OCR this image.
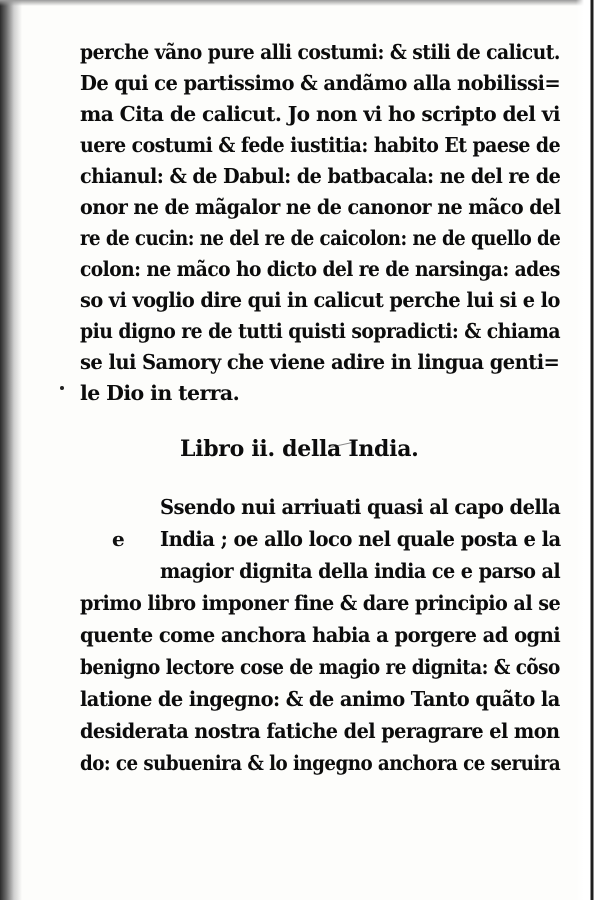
perche vãno pure alli costumi: & stili de calicut.
De qui ce partissimo & andãmo alla nobilissi=
ma Cita de calicut. Jo non vi ho scripto del vi
uere costumi & fede iustitia: habito Et paese de
chianul: & de Dabul: de batbacala: ne del re de
onor ne de mãgalor ne de canonor ne mãco del
re de cucin: ne del re de caicolon: ne de quello de
colon: ne mãco ho dicto del re de narsinga: ades
so vi voglio dire qui in calicut perche lui si e lo
piu digno re de tutti quisti sopradicti: & chiama
se lui Samory che viene adire in lingua genti=
le Dio in terra.
Libro ii. della India.
e
Ssendo nui arriuati quasi al capo della
India ; oe allo loco nel quale posta e la
magior dignita della india ce e parso al
primo libro imponer fine & dare principio al se
quente come anchora habia a porgere ad ogni
benigno lectore cose de magio re dignita: & cõso
latione de ingegno: & de animo Tanto quãto la
desiderata nostra fatiche del peragrare el mon
do: ce subuenira & lo ingegno anchora ce seruira
